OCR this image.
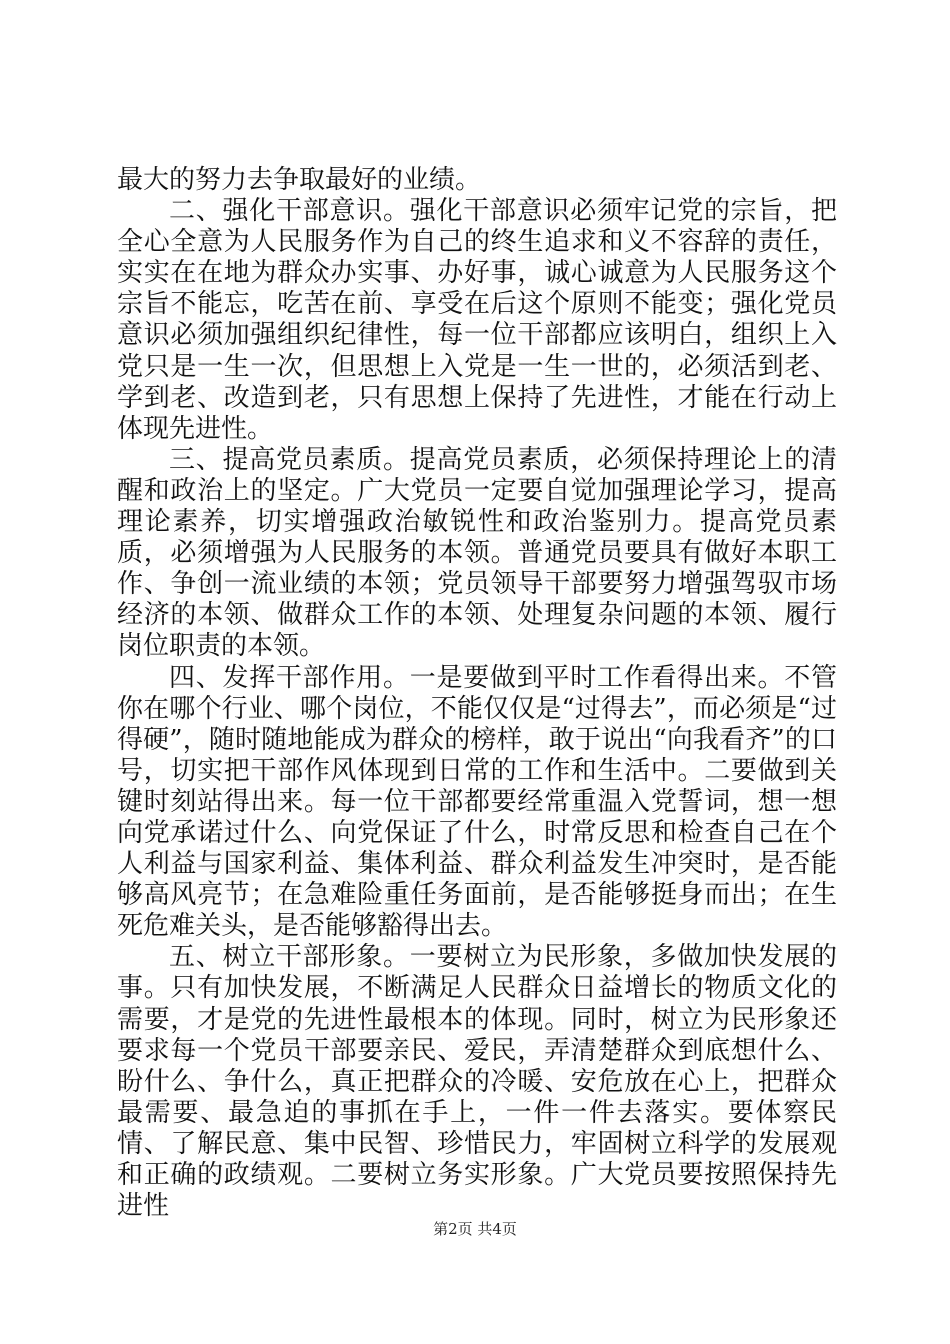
最大的努力去争取最好的业绩。

二、强化干部意识。强化干部意识必须牢记党的宗旨，把全心全意为人民服务作为自己的终生追求和义不容辞的责任，实实在在地为群众办实事、办好事，诚心诚意为人民服务这个宗旨不能忘，吃苦在前、享受在后这个原则不能变；强化党员意识必须加强组织纪律性，每一位干部都应该明白，组织上入党只是一生一次，但思想上入党是一生一世的，必须活到老、学到老、改造到老，只有思想上保持了先进性，才能在行动上体现先进性。

三、提高党员素质。提高党员素质，必须保持理论上的清醒和政治上的坚定。广大党员一定要自觉加强理论学习，提高理论素养，切实增强政治敏锐性和政治鉴别力。提高党员素质，必须增强为人民服务的本领。普通党员要具有做好本职工作、争创一流业绩的本领；党员领导干部要努力增强驾驭市场经济的本领、做群众工作的本领、处理复杂问题的本领、履行岗位职责的本领。

四、发挥干部作用。一是要做到平时工作看得出来。不管你在哪个行业、哪个岗位，不能仅仅是“过得去”，而必须是“过得硬”，随时随地能成为群众的榜样，敢于说出“向我看齐”的口号，切实把干部作风体现到日常的工作和生活中。二要做到关键时刻站得出来。每一位干部都要经常重温入党誓词，想一想向党承诺过什么、向党保证了什么，时常反思和检查自己在个人利益与国家利益、集体利益、群众利益发生冲突时，是否能够高风亮节；在急难险重任务面前，是否能够挺身而出；在生死危难关头，是否能够豁得出去。

五、树立干部形象。一要树立为民形象，多做加快发展的事。只有加快发展，不断满足人民群众日益增长的物质文化的需要，才是党的先进性最根本的体现。同时，树立为民形象还要求每一个党员干部要亲民、爱民，弄清楚群众到底想什么、盼什么、争什么，真正把群众的冷暖、安危放在心上，把群众最需要、最急迫的事抓在手上，一件一件去落实。要体察民情、了解民意、集中民智、珍惜民力，牢固树立科学的发展观和正确的政绩观。二要树立务实形象。广大党员要按照保持先进性

第2页 共4页
